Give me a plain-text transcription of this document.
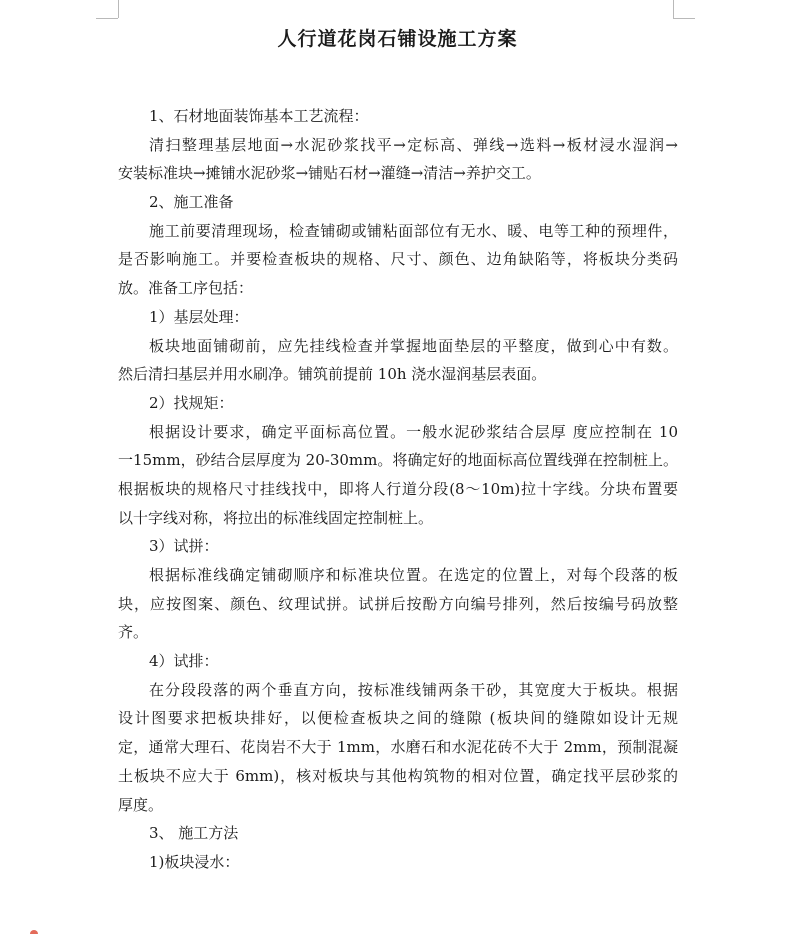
人行道花岗石铺设施工方案
1、石材地面装饰基本工艺流程：
清扫整理基层地面→水泥砂浆找平→定标高、弹线→选料→板材浸水湿润→
安装标准块→摊铺水泥砂浆→铺贴石材→灌缝→清洁→养护交工。
2、施工准备
施工前要清理现场，检查铺砌或铺粘面部位有无水、暖、电等工种的预埋件，
是否影响施工。并要检查板块的规格、尺寸、颜色、边角缺陷等，将板块分类码
放。准备工序包括：
1）基层处理：
板块地面铺砌前，应先挂线检查并掌握地面垫层的平整度，做到心中有数。
然后清扫基层并用水刷净。铺筑前提前 10h 浇水湿润基层表面。
2）找规矩：
根据设计要求，确定平面标高位置。一般水泥砂浆结合层厚 度应控制在 10
一15mm，砂结合层厚度为 20-30mm。将确定好的地面标高位置线弹在控制桩上。
根据板块的规格尺寸挂线找中，即将人行道分段(8～10m)拉十字线。分块布置要
以十字线对称，将拉出的标准线固定控制桩上。
3）试拼：
根据标准线确定铺砌顺序和标准块位置。在选定的位置上，对每个段落的板
块，应按图案、颜色、纹理试拼。试拼后按酚方向编号排列，然后按编号码放整
齐。
4）试排：
在分段段落的两个垂直方向，按标准线铺两条干砂，其宽度大于板块。根据
设计图要求把板块排好，以便检查板块之间的缝隙 (板块间的缝隙如设计无规
定，通常大理石、花岗岩不大于 1mm，水磨石和水泥花砖不大于 2mm，预制混凝
土板块不应大于 6mm)，核对板块与其他构筑物的相对位置，确定找平层砂浆的
厚度。
3、 施工方法
1)板块浸水：
